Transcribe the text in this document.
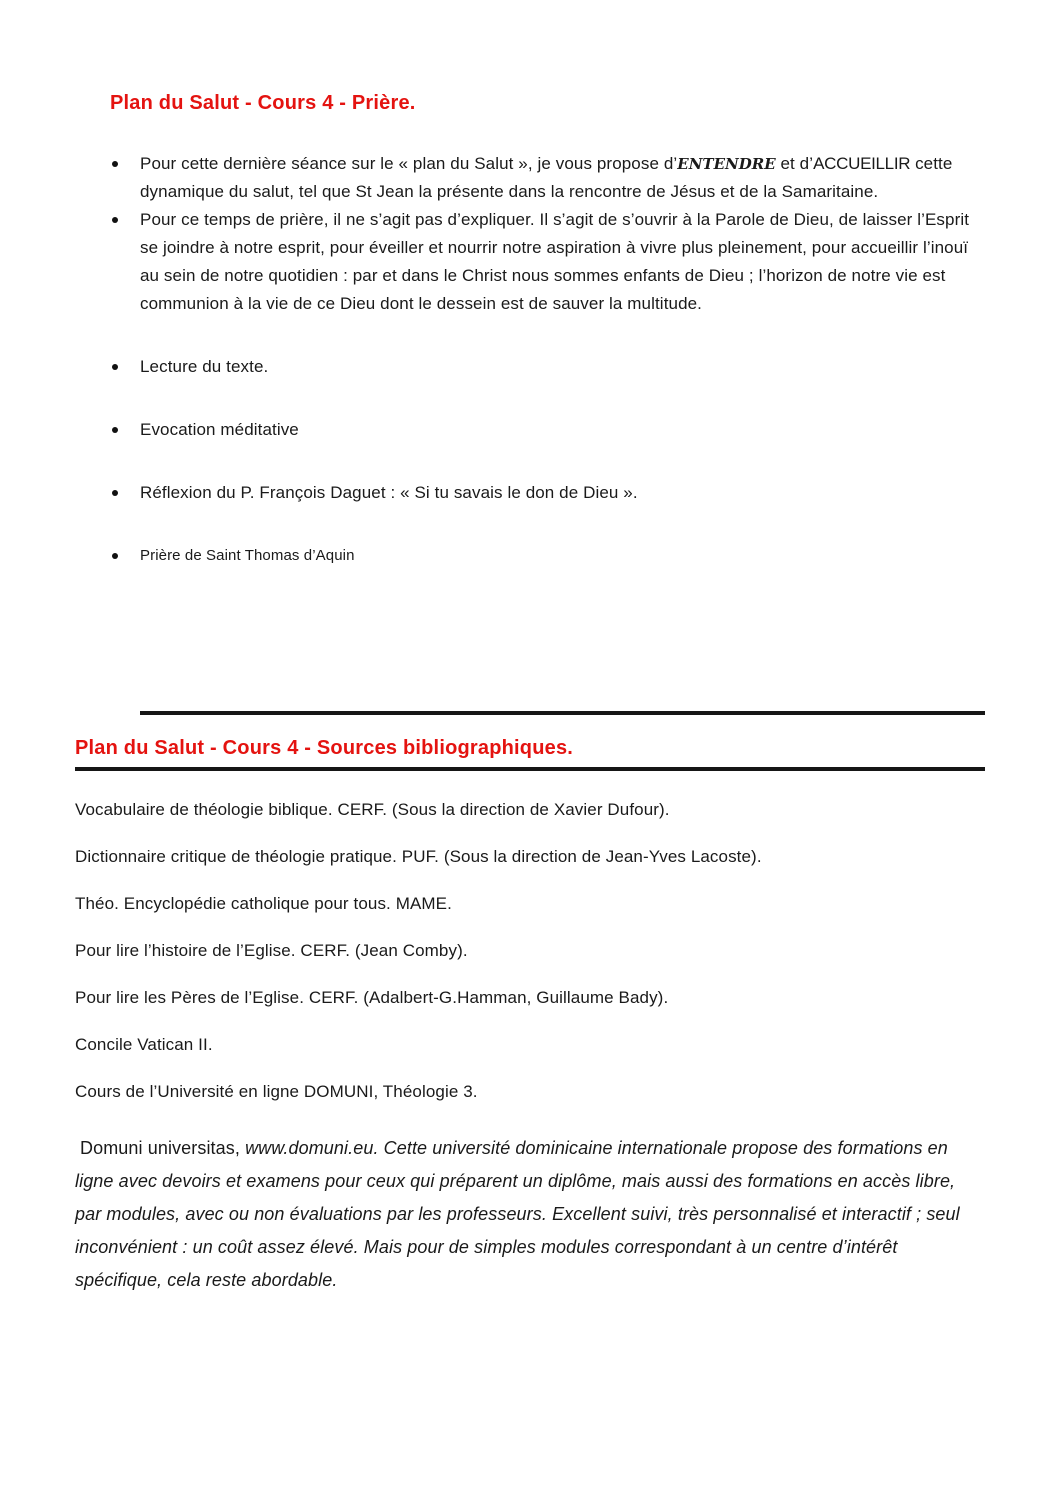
Plan du Salut - Cours 4 - Prière.
Pour cette dernière séance sur le « plan du Salut », je vous propose d’ENTENDRE et d’ACCUEILLIR cette dynamique du salut, tel que St Jean la présente dans la rencontre de Jésus et de la Samaritaine.
Pour ce temps de prière, il ne s’agit pas d’expliquer. Il s’agit de s’ouvrir à la Parole de Dieu, de laisser l’Esprit se joindre à notre esprit, pour éveiller et nourrir notre aspiration à vivre plus pleinement, pour accueillir l’inouï au sein de notre quotidien : par et dans le Christ nous sommes enfants de Dieu ; l’horizon de notre vie est communion à la vie de ce Dieu dont le dessein est de sauver la multitude.
Lecture du texte.
Evocation méditative
Réflexion du P. François Daguet : « Si tu savais le don de Dieu ».
Prière de Saint Thomas d’Aquin
Plan du Salut - Cours 4 - Sources bibliographiques.

Vocabulaire de théologie biblique. CERF. (Sous la direction de Xavier Dufour).

Dictionnaire critique de théologie pratique. PUF. (Sous la direction de Jean-Yves Lacoste).

Théo. Encyclopédie catholique pour tous. MAME.

Pour lire l’histoire de l’Eglise. CERF. (Jean Comby).

Pour lire les Pères de l’Eglise. CERF. (Adalbert-G.Hamman, Guillaume Bady).

Concile Vatican II.

Cours de l’Université en ligne DOMUNI, Théologie 3.

Domuni universitas, www.domuni.eu. Cette université dominicaine internationale propose des formations en ligne avec devoirs et examens pour ceux qui préparent un diplôme, mais aussi des formations en accès libre, par modules, avec ou non évaluations par les professeurs. Excellent suivi, très personnalisé et interactif ; seul inconvénient : un coût assez élevé. Mais pour de simples modules correspondant à un centre d’intérêt spécifique, cela reste abordable.
